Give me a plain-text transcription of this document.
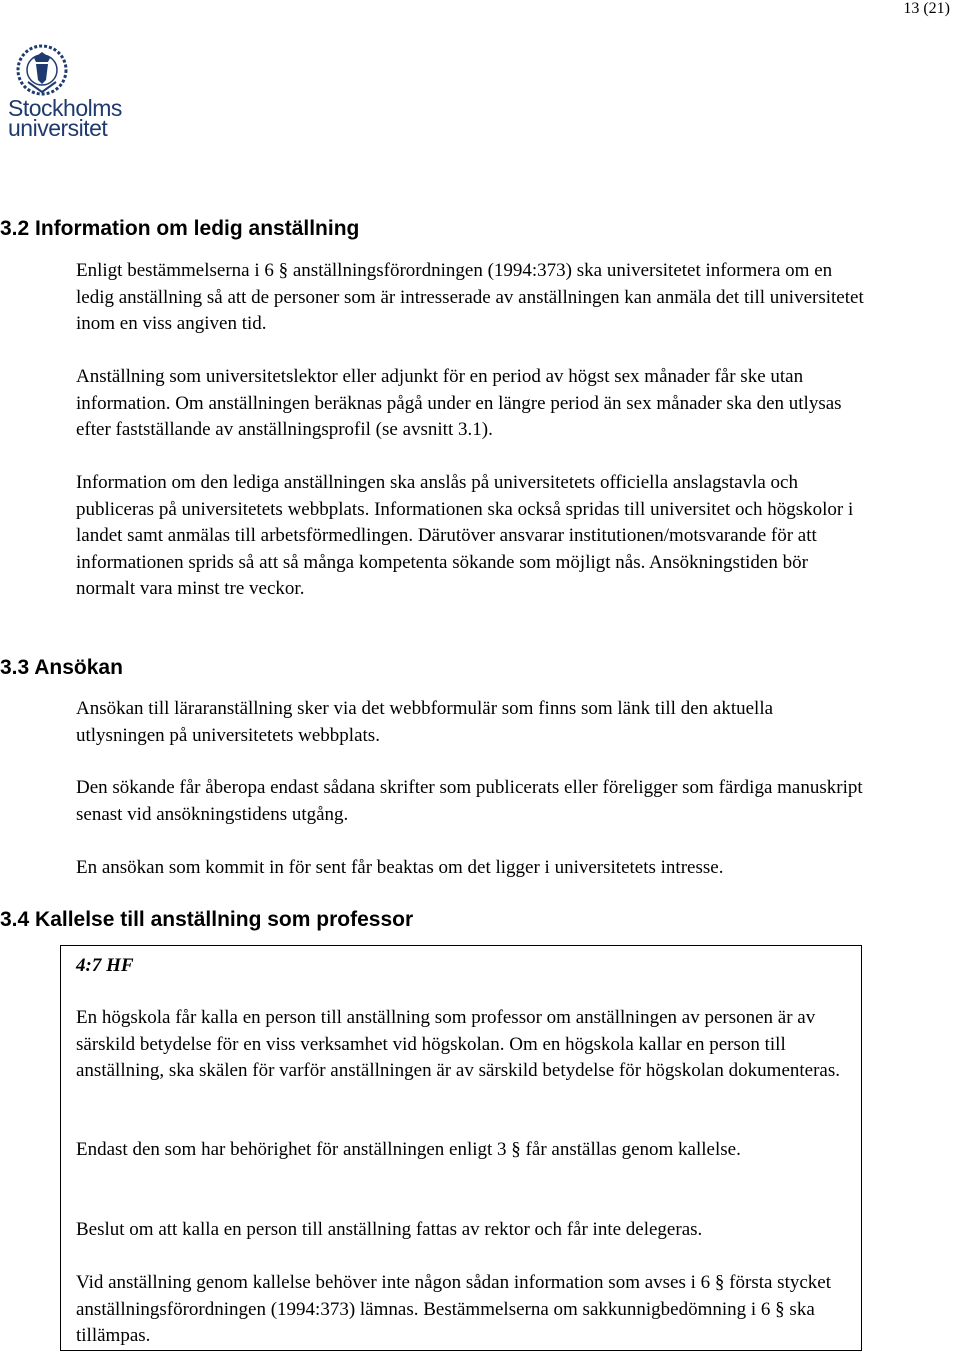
13 (21)
Stockholms
universitet
3.2 Information om ledig anställning

Enligt bestämmelserna i 6 § anställningsförordningen (1994:373) ska universitetet informera om en ledig anställning så att de personer som är intresserade av anställningen kan anmäla det till universitetet inom en viss angiven tid.

Anställning som universitetslektor eller adjunkt för en period av högst sex månader får ske utan information. Om anställningen beräknas pågå under en längre period än sex månader ska den utlysas efter fastställande av anställningsprofil (se avsnitt 3.1).

Information om den lediga anställningen ska anslås på universitetets officiella anslagstavla och publiceras på universitetets webbplats. Informationen ska också spridas till universitet och högskolor i landet samt anmälas till arbetsförmedlingen. Därutöver ansvarar institutionen/motsvarande för att informationen sprids så att så många kompetenta sökande som möjligt nås. Ansökningstiden bör normalt vara minst tre veckor.

3.3 Ansökan

Ansökan till läraranställning sker via det webbformulär som finns som länk till den aktuella utlysningen på universitetets webbplats.

Den sökande får åberopa endast sådana skrifter som publicerats eller föreligger som färdiga manuskript senast vid ansökningstidens utgång.

En ansökan som kommit in för sent får beaktas om det ligger i universitetets intresse.

3.4 Kallelse till anställning som professor

4:7 HF

En högskola får kalla en person till anställning som professor om anställningen av personen är av särskild betydelse för en viss verksamhet vid högskolan. Om en högskola kallar en person till anställning, ska skälen för varför anställningen är av särskild betydelse för högskolan dokumenteras.

Endast den som har behörighet för anställningen enligt 3 § får anställas genom kallelse.

Beslut om att kalla en person till anställning fattas av rektor och får inte delegeras.

Vid anställning genom kallelse behöver inte någon sådan information som avses i 6 § första stycket anställningsförordningen (1994:373) lämnas. Bestämmelserna om sakkunnigbedömning i 6 § ska tillämpas.
